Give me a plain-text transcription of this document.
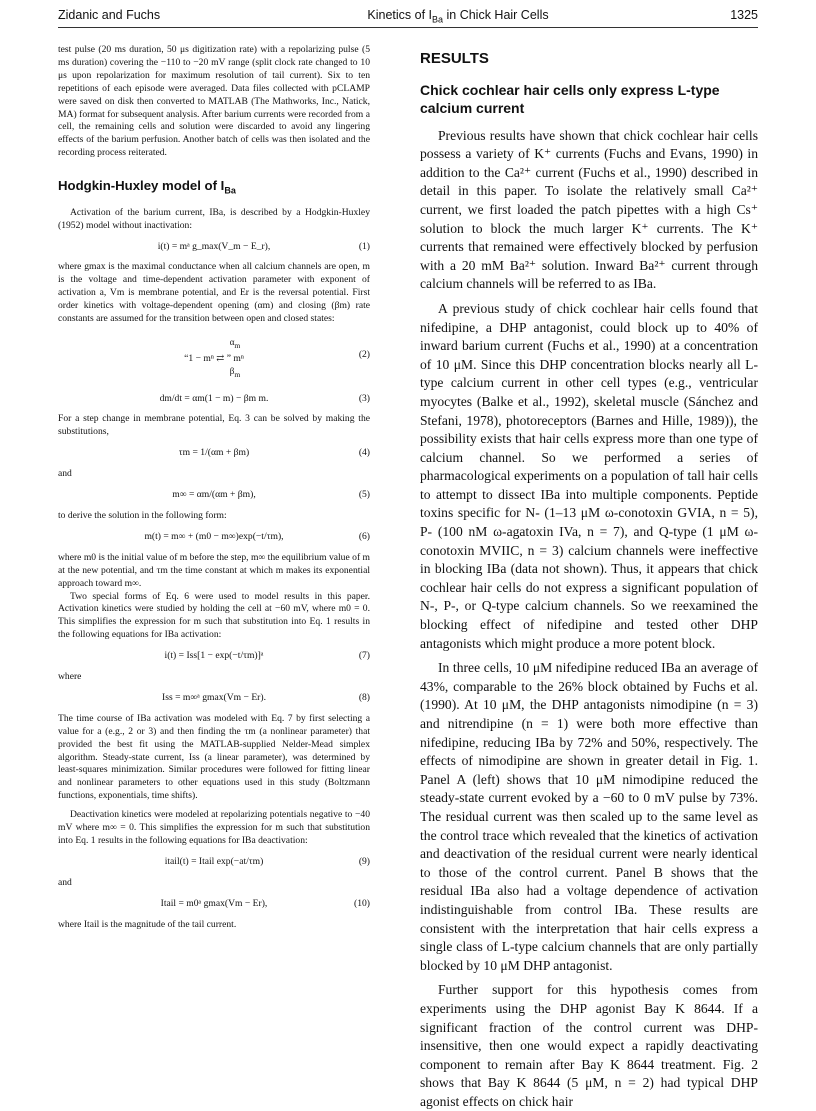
Zidanic and Fuchs	Kinetics of $I_{Ba}$ in Chick Hair Cells	1325

test pulse (20 ms duration, 50 μs digitization rate) with a repolarizing pulse (5 ms duration) covering the −110 to −20 mV range (split clock rate changed to 10 μs upon repolarization for maximum resolution of tail current). Six to ten repetitions of each episode were averaged. Data files collected with pCLAMP were saved on disk then converted to MATLAB (The Mathworks, Inc., Natick, MA) format for subsequent analysis. After barium currents were recorded from a cell, the remaining cells and solution were discarded to avoid any lingering effects of the barium perfusion. Another batch of cells was then isolated and the recording process reiterated.

Hodgkin-Huxley model of $I_{Ba}$

Activation of the barium current, IBa, is described by a Hodgkin-Huxley (1952) model without inactivation:

i(t) = mᵃ g_max(V_m − E_r),	(1)

where gmax is the maximal conductance when all calcium channels are open, m is the voltage and time-dependent activation parameter with exponent of activation a, Vm is membrane potential, and Er is the reversal potential. First order kinetics with voltage-dependent opening (αm) and closing (βm) rate constants are assumed for the transition between open and closed states:

$\alpha_m$
“1 − mⁿ ⇄ ” mⁿ
$\beta_m$
(2)
dm/dt = αm(1 − m) − βm m.	(3)

For a step change in membrane potential, Eq. 3 can be solved by making the substitutions,

τm = 1/(αm + βm)	(4)

and

m∞ = αm/(αm + βm),	(5)

to derive the solution in the following form:

m(t) = m∞ + (m0 − m∞)exp(−t/τm),	(6)

where m0 is the initial value of m before the step, m∞ the equilibrium value of m at the new potential, and τm the time constant at which m makes its exponential approach toward m∞.

Two special forms of Eq. 6 were used to model results in this paper. Activation kinetics were studied by holding the cell at −60 mV, where m0 = 0. This simplifies the expression for m such that substitution into Eq. 1 results in the following equations for IBa activation:

i(t) = Iss[1 − exp(−t/τm)]ᵃ	(7)

where

Iss = m∞ᵃ gmax(Vm − Er).	(8)

The time course of IBa activation was modeled with Eq. 7 by first selecting a value for a (e.g., 2 or 3) and then finding the τm (a nonlinear parameter) that provided the best fit using the MATLAB-supplied Nelder-Mead simplex algorithm. Steady-state current, Iss (a linear parameter), was determined by least-squares minimization. Similar procedures were followed for fitting linear and nonlinear parameters to other equations used in this study (Boltzmann functions, exponentials, time shifts).

Deactivation kinetics were modeled at repolarizing potentials negative to −40 mV where m∞ = 0. This simplifies the expression for m such that substitution into Eq. 1 results in the following equations for IBa deactivation:

itail(t) = Itail exp(−at/τm)	(9)

and

Itail = m0ᵃ gmax(Vm − Er),	(10)

where Itail is the magnitude of the tail current.

RESULTS
Chick cochlear hair cells only express L-type calcium current

Previous results have shown that chick cochlear hair cells possess a variety of K⁺ currents (Fuchs and Evans, 1990) in addition to the Ca²⁺ current (Fuchs et al., 1990) described in detail in this paper. To isolate the relatively small Ca²⁺ current, we first loaded the patch pipettes with a high Cs⁺ solution to block the much larger K⁺ currents. The K⁺ currents that remained were effectively blocked by perfusion with a 20 mM Ba²⁺ solution. Inward Ba²⁺ current through calcium channels will be referred to as IBa.

A previous study of chick cochlear hair cells found that nifedipine, a DHP antagonist, could block up to 40% of inward barium current (Fuchs et al., 1990) at a concentration of 10 μM. Since this DHP concentration blocks nearly all L-type calcium current in other cell types (e.g., ventricular myocytes (Balke et al., 1992), skeletal muscle (Sánchez and Stefani, 1978), photoreceptors (Barnes and Hille, 1989)), the possibility exists that hair cells express more than one type of calcium channel. So we performed a series of pharmacological experiments on a population of tall hair cells to attempt to dissect IBa into multiple components. Peptide toxins specific for N- (1–13 μM ω-conotoxin GVIA, n = 5), P- (100 nM ω-agatoxin IVa, n = 7), and Q-type (1 μM ω-conotoxin MVIIC, n = 3) calcium channels were ineffective in blocking IBa (data not shown). Thus, it appears that chick cochlear hair cells do not express a significant population of N-, P-, or Q-type calcium channels. So we reexamined the blocking effect of nifedipine and tested other DHP antagonists which might produce a more potent block.

In three cells, 10 μM nifedipine reduced IBa an average of 43%, comparable to the 26% block obtained by Fuchs et al. (1990). At 10 μM, the DHP antagonists nimodipine (n = 3) and nitrendipine (n = 1) were both more effective than nifedipine, reducing IBa by 72% and 50%, respectively. The effects of nimodipine are shown in greater detail in Fig. 1. Panel A (left) shows that 10 μM nimodipine reduced the steady-state current evoked by a −60 to 0 mV pulse by 73%. The residual current was then scaled up to the same level as the control trace which revealed that the kinetics of activation and deactivation of the residual current were nearly identical to those of the control current. Panel B shows that the residual IBa also had a voltage dependence of activation indistinguishable from control IBa. These results are consistent with the interpretation that hair cells express a single class of L-type calcium channels that are only partially blocked by 10 μM DHP antagonist.

Further support for this hypothesis comes from experiments using the DHP agonist Bay K 8644. If a significant fraction of the control current was DHP-insensitive, then one would expect a rapidly deactivating component to remain after Bay K 8644 treatment. Fig. 2 shows that Bay K 8644 (5 μM, n = 2) had typical DHP agonist effects on chick hair
